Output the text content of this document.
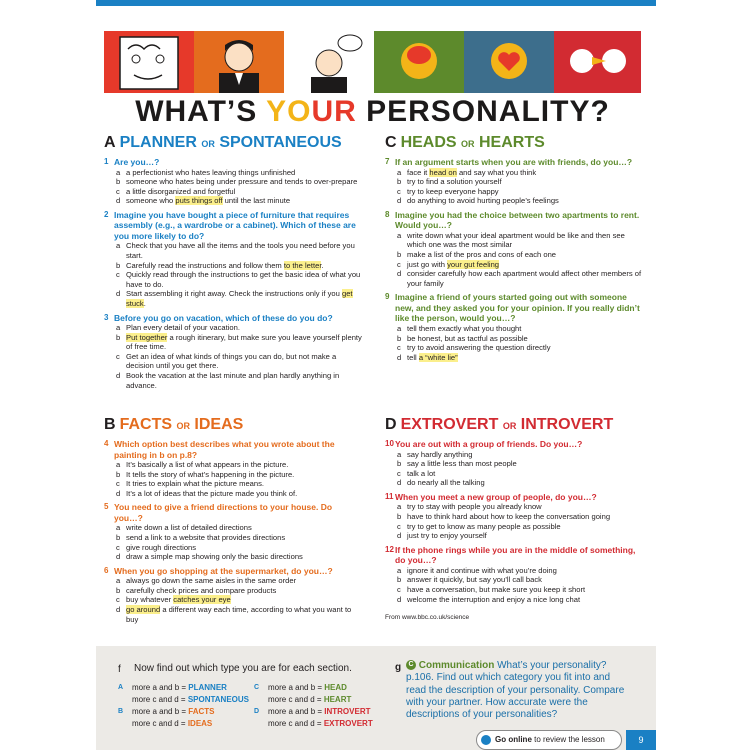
WHAT’S YOUR PERSONALITY?
A PLANNER OR SPONTANEOUS
1 Are you…?
a a perfectionist who hates leaving things unfinished
b someone who hates being under pressure and tends to over-prepare
c a little disorganized and forgetful
d someone who puts things off until the last minute
2 Imagine you have bought a piece of furniture that requires assembly (e.g., a wardrobe or a cabinet). Which of these are you more likely to do?
a Check that you have all the items and the tools you need before you start.
b Carefully read the instructions and follow them to the letter.
c Quickly read through the instructions to get the basic idea of what you have to do.
d Start assembling it right away. Check the instructions only if you get stuck.
3 Before you go on vacation, which of these do you do?
a Plan every detail of your vacation.
b Put together a rough itinerary, but make sure you leave yourself plenty of free time.
c Get an idea of what kinds of things you can do, but not make a decision until you get there.
d Book the vacation at the last minute and plan hardly anything in advance.
B FACTS OR IDEAS
4 Which option best describes what you wrote about the painting in b on p.8?
a It’s basically a list of what appears in the picture.
b It tells the story of what’s happening in the picture.
c It tries to explain what the picture means.
d It’s a lot of ideas that the picture made you think of.
5 You need to give a friend directions to your house. Do you…?
a write down a list of detailed directions
b send a link to a website that provides directions
c give rough directions
d draw a simple map showing only the basic directions
6 When you go shopping at the supermarket, do you…?
a always go down the same aisles in the same order
b carefully check prices and compare products
c buy whatever catches your eye
d go around a different way each time, according to what you want to buy
C HEADS OR HEARTS
7 If an argument starts when you are with friends, do you…?
a face it head on and say what you think
b try to find a solution yourself
c try to keep everyone happy
d do anything to avoid hurting people’s feelings
8 Imagine you had the choice between two apartments to rent. Would you…?
a write down what your ideal apartment would be like and then see which one was the most similar
b make a list of the pros and cons of each one
c just go with your gut feeling
d consider carefully how each apartment would affect other members of your family
9 Imagine a friend of yours started going out with someone new, and they asked you for your opinion. If you really didn’t like the person, would you…?
a tell them exactly what you thought
b be honest, but as tactful as possible
c try to avoid answering the question directly
d tell a “white lie”
D EXTROVERT OR INTROVERT
10 You are out with a group of friends. Do you…?
a say hardly anything
b say a little less than most people
c talk a lot
d do nearly all the talking
11 When you meet a new group of people, do you…?
a try to stay with people you already know
b have to think hard about how to keep the conversation going
c try to get to know as many people as possible
d just try to enjoy yourself
12 If the phone rings while you are in the middle of something, do you…?
a ignore it and continue with what you’re doing
b answer it quickly, but say you’ll call back
c have a conversation, but make sure you keep it short
d welcome the interruption and enjoy a nice long chat
From www.bbc.co.uk/science
f Now find out which type you are for each section.
A more a and b = PLANNER
more c and d = SPONTANEOUS
B more a and b = FACTS
more c and d = IDEAS
C more a and b = HEAD
more c and d = HEART
D more a and b = INTROVERT
more c and d = EXTROVERT
g	C Communication What’s your personality? p.106. Find out which category you fit into and read the description of your personality. Compare with your partner. How accurate were the descriptions of your personalities?
Go online to review the lesson	9
